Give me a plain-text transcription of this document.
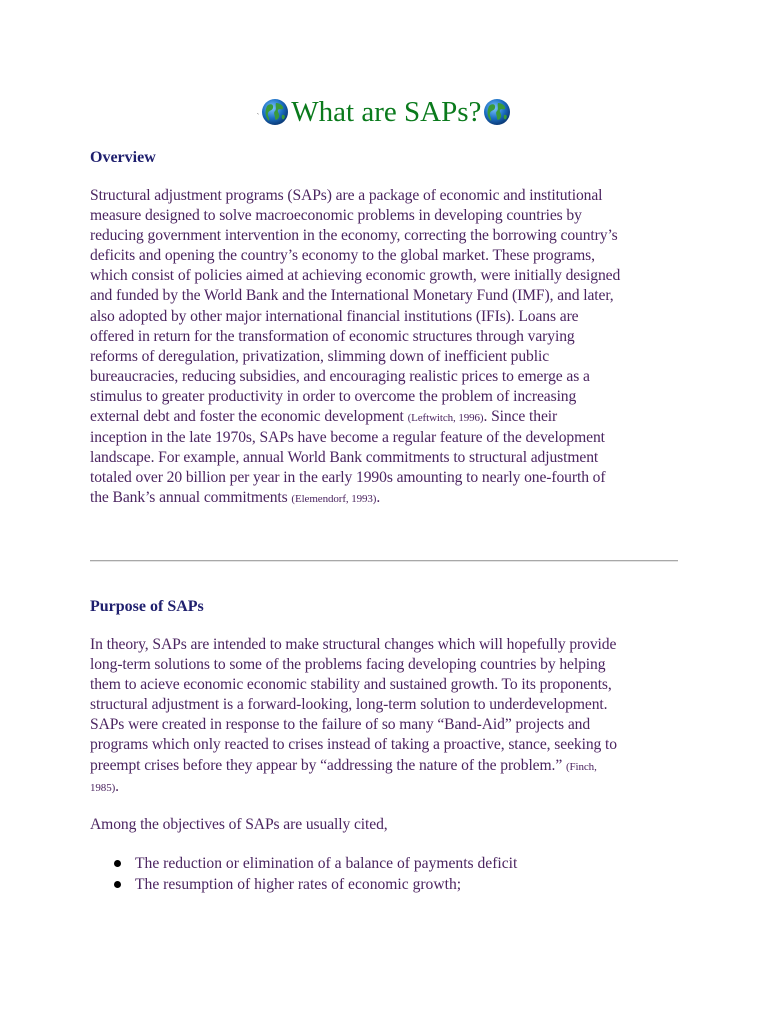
` What are SAPs?
Overview

Structural adjustment programs (SAPs) are a package of economic and institutional
measure designed to solve macroeconomic problems in developing countries by
reducing government intervention in the economy, correcting the borrowing country’s
deficits and opening the country’s economy to the global market. These programs,
which consist of policies aimed at achieving economic growth, were initially designed
and funded by the World Bank and the International Monetary Fund (IMF), and later,
also adopted by other major international financial institutions (IFIs). Loans are
offered in return for the transformation of economic structures through varying
reforms of deregulation, privatization, slimming down of inefficient public
bureaucracies, reducing subsidies, and encouraging realistic prices to emerge as a
stimulus to greater productivity in order to overcome the problem of increasing
external debt and foster the economic development (Leftwitch, 1996). Since their
inception in the late 1970s, SAPs have become a regular feature of the development
landscape. For example, annual World Bank commitments to structural adjustment
totaled over 20 billion per year in the early 1990s amounting to nearly one-fourth of
the Bank’s annual commitments (Elemendorf, 1993).

Purpose of SAPs

In theory, SAPs are intended to make structural changes which will hopefully provide
long-term solutions to some of the problems facing developing countries by helping
them to acieve economic economic stability and sustained growth. To its proponents,
structural adjustment is a forward-looking, long-term solution to underdevelopment.
SAPs were created in response to the failure of so many “Band-Aid” projects and
programs which only reacted to crises instead of taking a proactive, stance, seeking to
preempt crises before they appear by “addressing the nature of the problem.” (Finch,
1985).

Among the objectives of SAPs are usually cited,

The reduction or elimination of a balance of payments deficit
The resumption of higher rates of economic growth;
